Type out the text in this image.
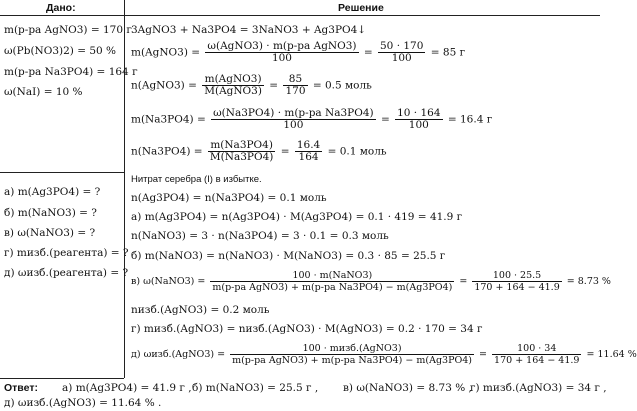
Дано:	Решение
m(р-ра AgNO3) = 170 г
ω(Pb(NO3)2) = 50 %
m(р-ра Na3PO4) = 164 г
ω(NaI) = 10 %
а) m(Ag3PO4) = ?
б) m(NaNO3) = ?
в) ω(NaNO3) = ?
г) mизб.(реагента) = ?
д) ωизб.(реагента) = ?
3AgNO3 + Na3PO4 = 3NaNO3 + Ag3PO4↓
m(AgNO3) =
ω(AgNO3) · m(р-ра AgNO3)
100	= $\frac{50 \cdot 170}{100} = 85$ г
n(AgNO3) =
m(AgNO3)
M(AgNO3) = $\frac{85}{170} = 0.5$ моль
m(Na3PO4) =
ω(Na3PO4) · m(р-ра Na3PO4)
100	= $\frac{10 \cdot 164}{100} = 16.4$ г
$n(Na3PO4) = \frac{m(Na3PO4)}{M(Na3PO4)} = \frac{16.4}{164} = 0.1$ моль
Нитрат серебра (I) в избытке.
n(Ag3PO4) = n(Na3PO4) = 0.1 моль
а) m(Ag3PO4) = n(Ag3PO4) · M(Ag3PO4) = 0.1 · 419 = 41.9 г
n(NaNO3) = 3 · n(Na3PO4) = 3 · 0.1 = 0.3 моль
б) m(NaNO3) = n(NaNO3) · M(NaNO3) = 0.3 · 85 = 25.5 г
в) ω(NaNO3) =
100 · m(NaNO3)
m(р-ра AgNO3) + m(р-ра Na3PO4) − m(Ag3PO4)
= $\frac{100 \cdot 25.5}{170 + 164 - 41.9} = 8.73$ %
nизб.(AgNO3) = 0.2 моль
г) mизб.(AgNO3) = nизб.(AgNO3) · M(AgNO3) = 0.2 · 170 = 34 г
д) ωизб.(AgNO3) =
100 · mизб.(AgNO3)
m(р-ра AgNO3) + m(р-ра Na3PO4) − m(Ag3PO4)
= $\frac{100 \cdot 34}{170 + 164 - 41.9} = 11.64$ %
Ответ: а) m(Ag3PO4) = 41.9 г , б) m(NaNO3) = 25.5 г , в) ω(NaNO3) = 8.73 % ,
г) mизб.(AgNO3) = 34 г ,
д) ωизб.(AgNO3) = 11.64 % .
